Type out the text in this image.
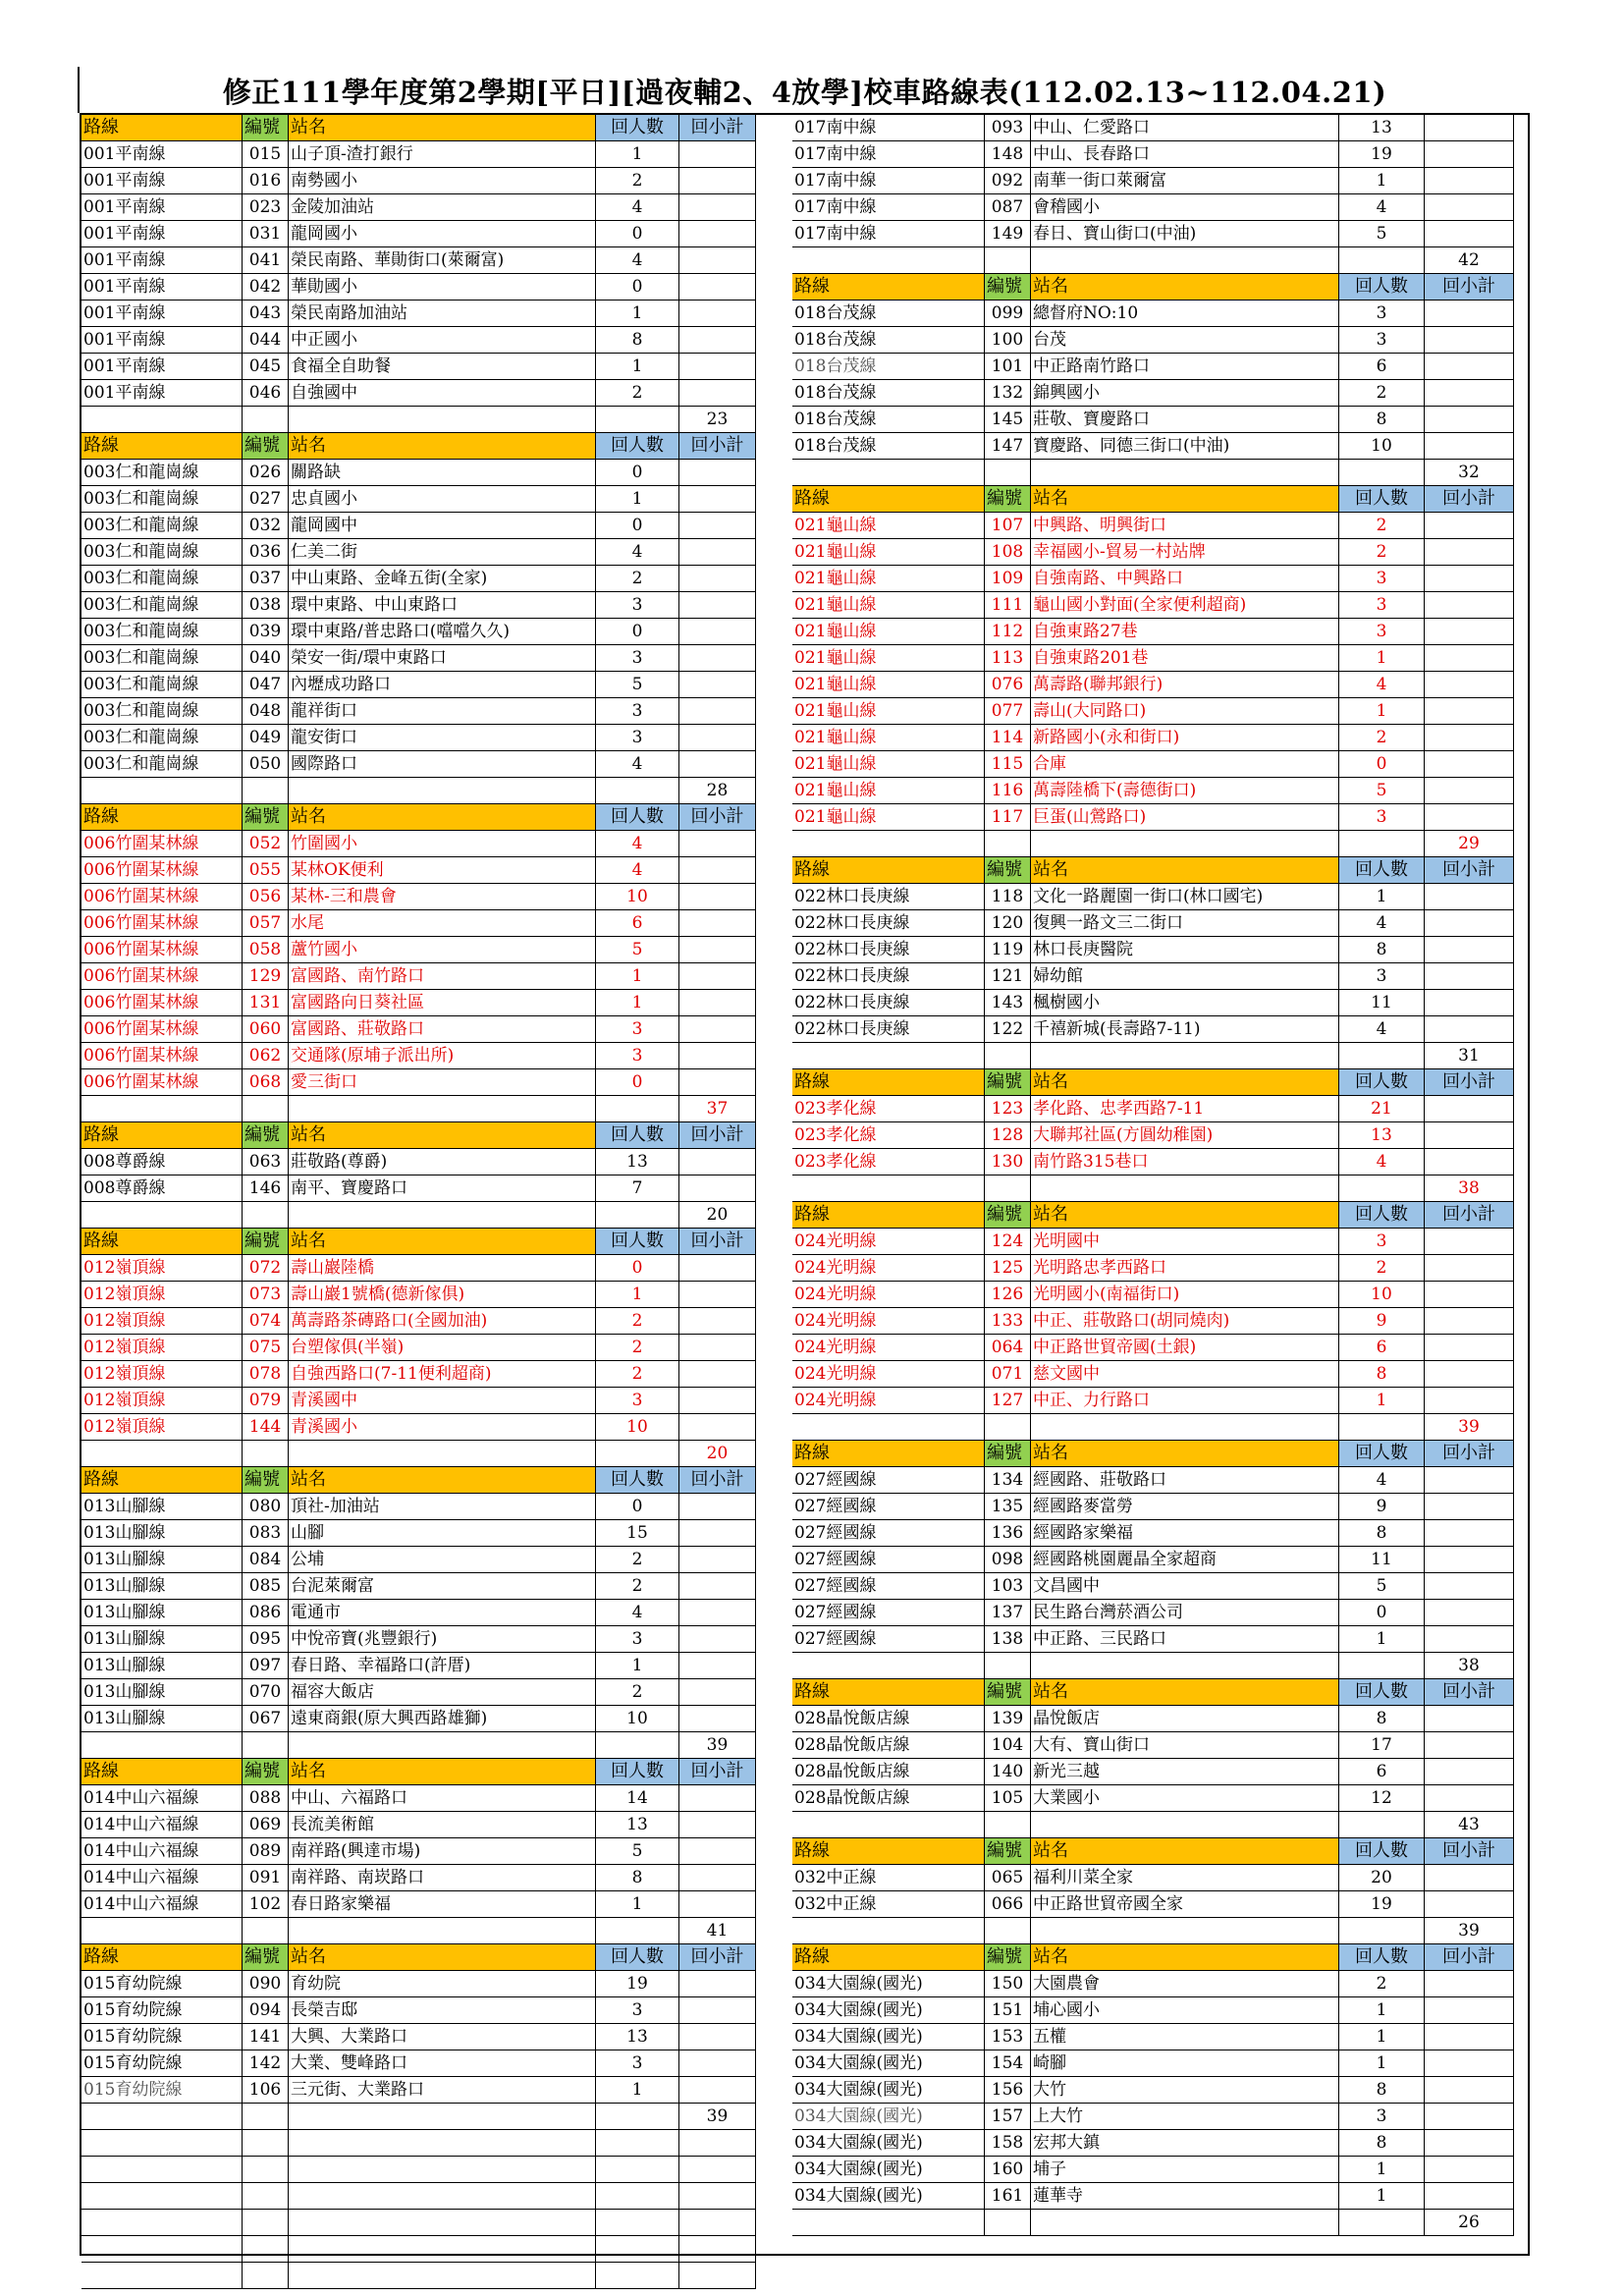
修正111學年度第2學期[平日][過夜輔2、4放學]校車路線表(112.02.13~112.04.21)
路線	編號 站名	回人數	回小計
001平南線	015 山子頂-渣打銀行	1
001平南線	016 南勢國小	2
001平南線	023 金陵加油站	4
001平南線	031 龍岡國小	0
001平南線	041 榮民南路、華勛街口(萊爾富)	4
001平南線	042 華勛國小	0
001平南線	043 榮民南路加油站	1
001平南線	044 中正國小	8
001平南線	045 食福全自助餐	1
001平南線	046 自強國中	2
23
路線	編號 站名	回人數	回小計
003仁和龍崗線	026 關路缺	0
003仁和龍崗線	027 忠貞國小	1
003仁和龍崗線	032 龍岡國中	0
003仁和龍崗線	036 仁美二街	4
003仁和龍崗線	037 中山東路、金峰五街(全家)	2
003仁和龍崗線	038 環中東路、中山東路口	3
003仁和龍崗線	039 環中東路/普忠路口(噹噹久久)	0
003仁和龍崗線	040 榮安一街/環中東路口	3
003仁和龍崗線	047 內壢成功路口	5
003仁和龍崗線	048 龍祥街口	3
003仁和龍崗線	049 龍安街口	3
003仁和龍崗線	050 國際路口	4
28
路線	編號 站名	回人數	回小計
006竹圍某林線	052 竹圍國小	4
006竹圍某林線	055 某林OK便利	4
006竹圍某林線	056 某林-三和農會	10
006竹圍某林線	057 水尾	6
006竹圍某林線	058 蘆竹國小	5
006竹圍某林線	129 富國路、南竹路口	1
006竹圍某林線	131 富國路向日葵社區	1
006竹圍某林線	060 富國路、莊敬路口	3
006竹圍某林線	062 交通隊(原埔子派出所)	3
006竹圍某林線	068 愛三街口	0
37
路線	編號 站名	回人數	回小計
008尊爵線	063 莊敬路(尊爵)	13
008尊爵線	146 南平、寶慶路口	7
20
路線	編號 站名	回人數	回小計
012嶺頂線	072 壽山巖陸橋	0
012嶺頂線	073 壽山巖1號橋(德新傢俱)	1
012嶺頂線	074 萬壽路茶磚路口(全國加油)	2
012嶺頂線	075 台塑傢俱(半嶺)	2
012嶺頂線	078 自強西路口(7-11便利超商)	2
012嶺頂線	079 青溪國中	3
012嶺頂線	144 青溪國小	10
20
路線	編號 站名	回人數	回小計
013山腳線	080 頂社-加油站	0
013山腳線	083 山腳	15
013山腳線	084 公埔	2
013山腳線	085 台泥萊爾富	2
013山腳線	086 電通市	4
013山腳線	095 中悅帝寶(兆豐銀行)	3
013山腳線	097 春日路、幸福路口(許厝)	1
013山腳線	070 福容大飯店	2
013山腳線	067 遠東商銀(原大興西路雄獅)	10
39
路線	編號 站名	回人數	回小計
014中山六福線	088 中山、六福路口	14
014中山六福線	069 長流美術館	13
014中山六福線	089 南祥路(興達市場)	5
014中山六福線	091 南祥路、南崁路口	8
014中山六福線	102 春日路家樂福	1
41
路線	編號 站名	回人數	回小計
015育幼院線	090 育幼院	19
015育幼院線	094 長榮吉邸	3
015育幼院線	141 大興、大業路口	13
015育幼院線	142 大業、雙峰路口	3
015育幼院線	106 三元街、大業路口	1
39
017南中線	093 中山、仁愛路口	13
017南中線	148 中山、長春路口	19
017南中線	092 南華一街口萊爾富	1
017南中線	087 會稽國小	4
017南中線	149 春日、寶山街口(中油)	5
42
路線	編號 站名	回人數	回小計
018台茂線	099 總督府NO:10	3
018台茂線	100 台茂	3
018台茂線	101 中正路南竹路口	6
018台茂線	132 錦興國小	2
018台茂線	145 莊敬、寶慶路口	8
018台茂線	147 寶慶路、同德三街口(中油)	10
32
路線	編號 站名	回人數	回小計
021龜山線	107 中興路、明興街口	2
021龜山線	108 幸福國小-貿易一村站牌	2
021龜山線	109 自強南路、中興路口	3
021龜山線	111 龜山國小對面(全家便利超商)	3
021龜山線	112 自強東路27巷	3
021龜山線	113 自強東路201巷	1
021龜山線	076 萬壽路(聯邦銀行)	4
021龜山線	077 壽山(大同路口)	1
021龜山線	114 新路國小(永和街口)	2
021龜山線	115 合庫	0
021龜山線	116 萬壽陸橋下(壽德街口)	5
021龜山線	117 巨蛋(山鶯路口)	3
29
路線	編號 站名	回人數	回小計
022林口長庚線	118 文化一路麗園一街口(林口國宅)	1
022林口長庚線	120 復興一路文三二街口	4
022林口長庚線	119 林口長庚醫院	8
022林口長庚線	121 婦幼館	3
022林口長庚線	143 楓樹國小	11
022林口長庚線	122 千禧新城(長壽路7-11)	4
31
路線	編號 站名	回人數	回小計
023孝化線	123 孝化路、忠孝西路7-11	21
023孝化線	128 大聯邦社區(方圓幼稚園)	13
023孝化線	130 南竹路315巷口	4
38
路線	編號 站名	回人數	回小計
024光明線	124 光明國中	3
024光明線	125 光明路忠孝西路口	2
024光明線	126 光明國小(南福街口)	10
024光明線	133 中正、莊敬路口(胡同燒肉)	9
024光明線	064 中正路世貿帝國(土銀)	6
024光明線	071 慈文國中	8
024光明線	127 中正、力行路口	1
39
路線	編號 站名	回人數	回小計
027經國線	134 經國路、莊敬路口	4
027經國線	135 經國路麥當勞	9
027經國線	136 經國路家樂福	8
027經國線	098 經國路桃園麗晶全家超商	11
027經國線	103 文昌國中	5
027經國線	137 民生路台灣菸酒公司	0
027經國線	138 中正路、三民路口	1
38
路線	編號 站名	回人數	回小計
028晶悅飯店線	139 晶悅飯店	8
028晶悅飯店線	104 大有、寶山街口	17
028晶悅飯店線	140 新光三越	6
028晶悅飯店線	105 大業國小	12
43
路線	編號 站名	回人數	回小計
032中正線	065 福利川菜全家	20
032中正線	066 中正路世貿帝國全家	19
39
路線	編號 站名	回人數	回小計
034大園線(國光)	150 大園農會	2
034大園線(國光)	151 埔心國小	1
034大園線(國光)	153 五權	1
034大園線(國光)	154 崎腳	1
034大園線(國光)	156 大竹	8
034大園線(國光)	157 上大竹	3
034大園線(國光)	158 宏邦大鎮	8
034大園線(國光)	160 埔子	1
034大園線(國光)	161 蓮華寺	1
26
